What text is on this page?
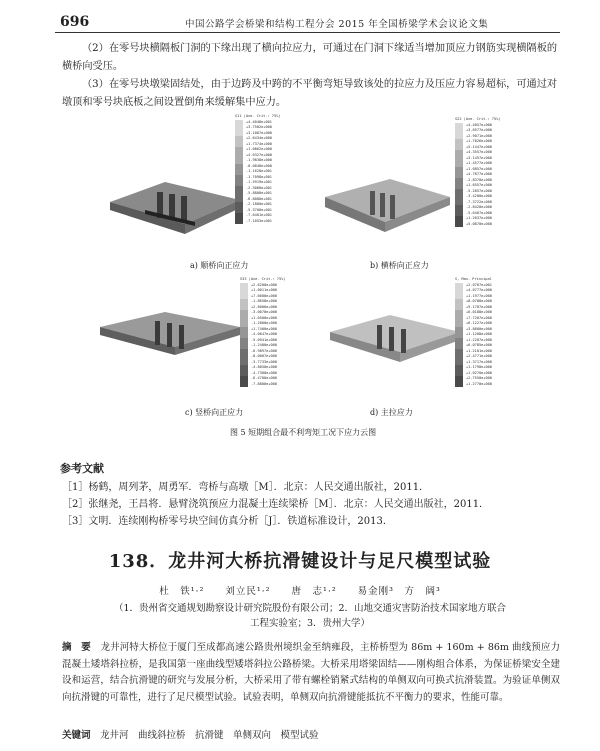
696	中国公路学会桥梁和结构工程分会 2015 年全国桥梁学术会议论文集

（2）在零号块横隔板门洞的下缘出现了横向拉应力，可通过在门洞下缘适当增加顶应力钢筋实现横隔板的横桥向受压。

（3）在零号块墩梁固结处，由于边跨及中跨的不平衡弯矩导致该处的拉应力及压应力容易超标，可通过对墩顶和零号块底板之间设置倒角来缓解集中应力。

S11 (Ave. Crit.: 75%)
+4.4048e+001
+3.7502e+000
+3.1087e+000
+2.6434e+000
+1.7374e+000
+1.0862e+000
+4.6327e+000
-1.9838e+000
-8.0848e+000
-1.1628e+001
-1.7098e+001
-1.5919e+001
-2.3068e+001
-5.8808e+001
-6.8080e+001
-2.1800e+001
-5.3700e+001
-7.6401e+001
-7.1053e+001
a) 顺桥向正应力
S22 (Ave. Crit.: 75%)
+4.4057e+000
+3.6577e+000
+2.9071e+000
+1.7826e+000
+5.1447e+000
+4.3557e+000
+3.1457e+000
+1.4577e+000
+1.6857e+000
+4.7877e+000
-2.8370e+000
+1.6557e+000
-5.2857e+000
-3.4200e+000
-7.3722e+000
-2.8420e+000
-5.6407e+000
+1.2037e+000
+5.0870e+000
b) 横桥向正应力
S33 (Ave. Crit.: 75%)
+2.6200e+000
+1.0011e+000
+7.6600e+000
-1.8658e+000
+2.8000e+000
-3.0070e+000
+1.0500e+000
-1.2800e+000
+1.7400e+000
-4.0647e+000
-5.0941e+000
-1.2400e+000
-6.9897e+000
-8.0007e+000
-3.7733e+000
-4.8050e+000
-4.7300e+000
-6.4700e+000
-7.8800e+000
c) 竖桥向正应力
S, Max. Principal
+2.0707e+001
+4.0777e+000
+1.1977e+000
+8.0788e+000
+9.1787e+000
+6.0188e+000
+7.7207e+000
+6.1227e+000
+3.8600e+000
+1.1208e+000
+1.2207e+000
+6.0785e+000
+1.2101e+000
+2.4771e+000
+1.3717e+000
+1.1790e+000
+1.0270e+000
+2.7550e+000
+1.2770e+000
d) 主拉应力
图 5 短期组合最不利弯矩工况下应力云图
参考文献
［1］杨鹤，周列茅，周勇军．弯桥与高墩［M］．北京：人民交通出版社，2011．
［2］张继尧，王昌将．悬臂浇筑预应力混凝土连续梁桥［M］．北京：人民交通出版社，2011．
［3］文明．连续刚构桥零号块空间仿真分析［J］．铁道标准设计，2013．
138．龙井河大桥抗滑键设计与足尺模型试验
杜　铁¹·²　　刘立民¹·²　　唐　志¹·²　　易金刚³　方　阔³
（1．贵州省交通规划勘察设计研究院股份有限公司；2．山地交通灾害防治技术国家地方联合
工程实验室；3．贵州大学）
摘　要　 龙井河特大桥位于厦门至成都高速公路贵州境织金至纳雍段，主桥桥型为 86m + 160m + 86m 曲线预应力混凝土矮塔斜拉桥，是我国第一座曲线型矮塔斜拉公路桥梁。大桥采用塔梁固结——刚构组合体系，为保证桥梁安全建设和运营，结合抗滑键的研究与发展分析，大桥采用了带有螺栓销紧式结构的单侧双向可换式抗滑装置。为验证单侧双向抗滑键的可靠性，进行了足尺模型试验。试验表明，单侧双向抗滑键能抵抗不平衡力的要求，性能可靠。
关键词　 龙井河　曲线斜拉桥　抗滑键　单侧双向　模型试验
